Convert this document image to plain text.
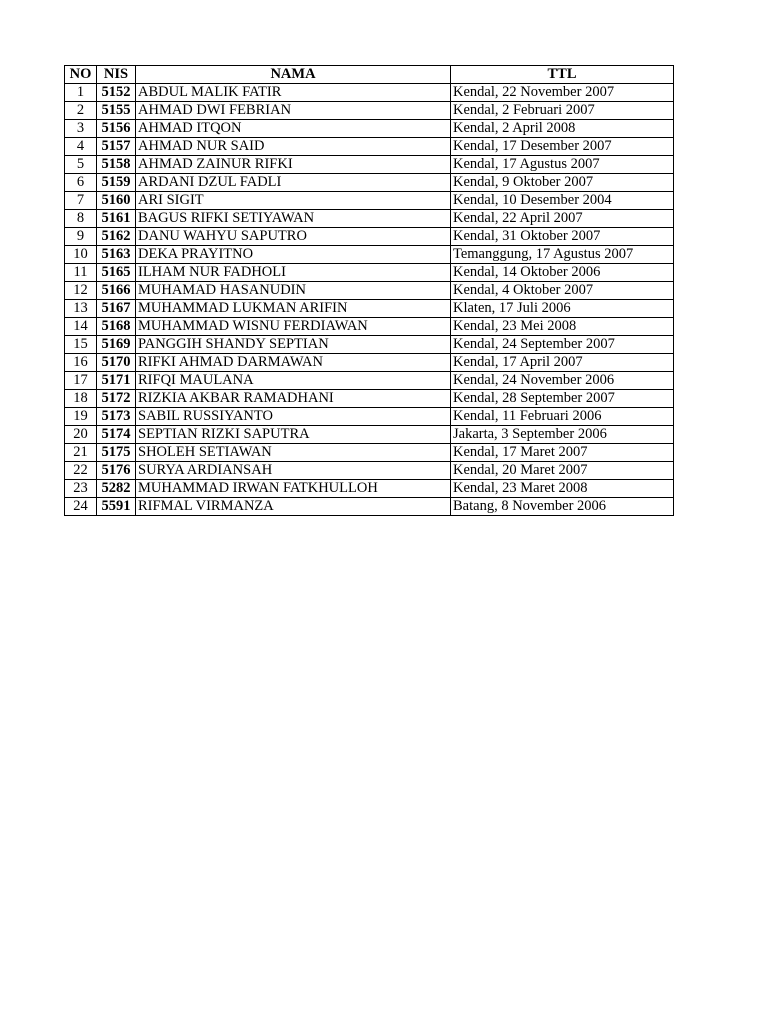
NO	NIS	NAMA	TTL
1	5152	ABDUL MALIK FATIR	Kendal, 22 November 2007
2	5155	AHMAD DWI FEBRIAN	Kendal, 2 Februari 2007
3	5156	AHMAD ITQON	Kendal, 2 April 2008
4	5157	AHMAD NUR SAID	Kendal, 17 Desember 2007
5	5158	AHMAD ZAINUR RIFKI	Kendal, 17 Agustus 2007
6	5159	ARDANI DZUL FADLI	Kendal, 9 Oktober 2007
7	5160	ARI SIGIT	Kendal, 10 Desember 2004
8	5161	BAGUS RIFKI SETIYAWAN	Kendal, 22 April 2007
9	5162	DANU WAHYU SAPUTRO	Kendal, 31 Oktober 2007
10	5163	DEKA PRAYITNO	Temanggung, 17 Agustus 2007
11	5165	ILHAM NUR FADHOLI	Kendal, 14 Oktober 2006
12	5166	MUHAMAD HASANUDIN	Kendal, 4 Oktober 2007
13	5167	MUHAMMAD LUKMAN ARIFIN	Klaten, 17 Juli 2006
14	5168	MUHAMMAD WISNU FERDIAWAN	Kendal, 23 Mei 2008
15	5169	PANGGIH SHANDY SEPTIAN	Kendal, 24 September 2007
16	5170	RIFKI AHMAD DARMAWAN	Kendal, 17 April 2007
17	5171	RIFQI MAULANA	Kendal, 24 November 2006
18	5172	RIZKIA AKBAR RAMADHANI	Kendal, 28 September 2007
19	5173	SABIL RUSSIYANTO	Kendal, 11 Februari 2006
20	5174	SEPTIAN RIZKI SAPUTRA	Jakarta, 3 September 2006
21	5175	SHOLEH SETIAWAN	Kendal, 17 Maret 2007
22	5176	SURYA ARDIANSAH	Kendal, 20 Maret 2007
23	5282	MUHAMMAD IRWAN FATKHULLOH	Kendal, 23 Maret 2008
24	5591	RIFMAL VIRMANZA	Batang, 8 November 2006
